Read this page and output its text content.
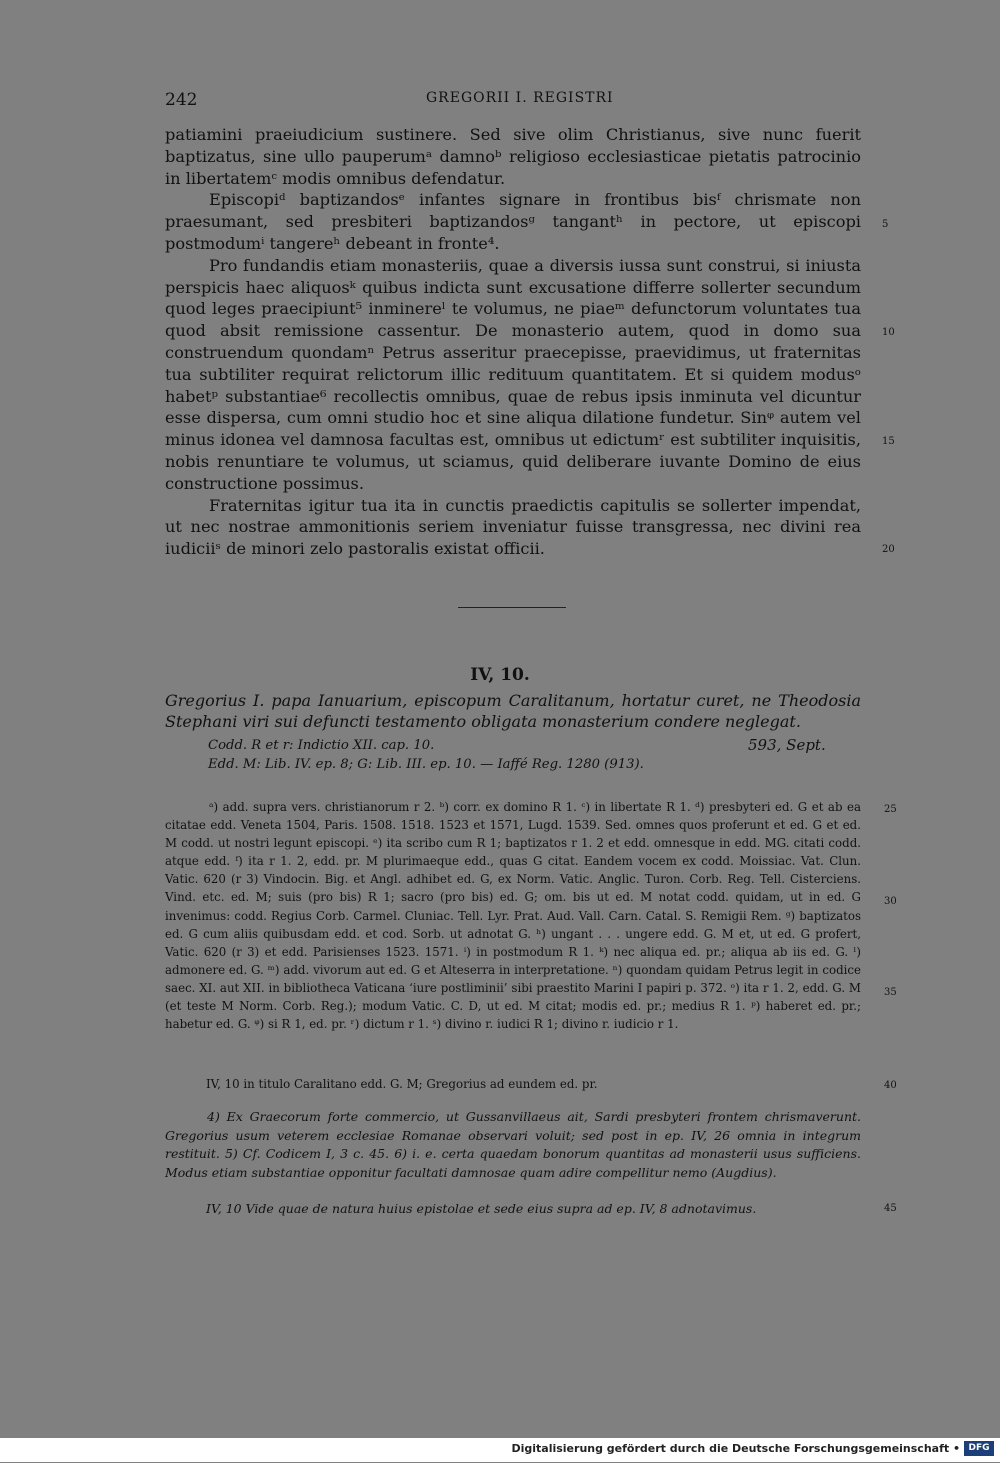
242	GREGORII I. REGISTRI

patiamini praeiudicium sustinere. Sed sive olim Christianus, sive nunc fuerit baptizatus, sine ullo pauperumᵃ damnoᵇ religioso ecclesiasticae pietatis patrocinio in libertatemᶜ modis omnibus defendatur.

Episcopiᵈ baptizandosᵉ infantes signare in frontibus bisᶠ chrismate non praesumant, sed presbiteri baptizandosᵍ tangantʰ in pectore, ut episcopi postmodumⁱ tangereʰ debeant in fronte⁴.

Pro fundandis etiam monasteriis, quae a diversis iussa sunt construi, si iniusta perspicis haec aliquosᵏ quibus indicta sunt excusatione differre sollerter secundum quod leges praecipiunt⁵ inminereˡ te volumus, ne piaeᵐ defunctorum voluntates tua quod absit remissione cassentur. De monasterio autem, quod in domo sua construendum quondamⁿ Petrus asseritur praecepisse, praevidimus, ut fraternitas tua subtiliter requirat relictorum illic redituum quantitatem. Et si quidem modusᵒ habetᵖ substantiae⁶ recollectis omnibus, quae de rebus ipsis inminuta vel dicuntur esse dispersa, cum omni studio hoc et sine aliqua dilatione fundetur. Sinᵠ autem vel minus idonea vel damnosa facultas est, omnibus ut edictumʳ est subtiliter inquisitis, nobis renuntiare te volumus, ut sciamus, quid deliberare iuvante Domino de eius constructione possimus.

Fraternitas igitur tua ita in cunctis praedictis capitulis se sollerter impendat, ut nec nostrae ammonitionis seriem inveniatur fuisse transgressa, nec divini rea iudiciiˢ de minori zelo pastoralis existat officii.

5
10
15
20
IV, 10.
Gregorius I. papa Ianuarium, episcopum Caralitanum, hortatur curet, ne Theodosia Stephani viri sui defuncti testamento obligata monasterium condere neglegat.
Codd. R et r: Indictio XII. cap. 10.	593, Sept.
Edd. M: Lib. IV. ep. 8; G: Lib. III. ep. 10. — Iaffé Reg. 1280 (913).

ᵃ) add. supra vers. christianorum r 2. ᵇ) corr. ex domino R 1. ᶜ) in libertate R 1. ᵈ) presbyteri ed. G et ab ea citatae edd. Veneta 1504, Paris. 1508. 1518. 1523 et 1571, Lugd. 1539. Sed. omnes quos proferunt et ed. G et ed. M codd. ut nostri legunt episcopi. ᵉ) ita scribo cum R 1; baptizatos r 1. 2 et edd. omnesque in edd. MG. citati codd. atque edd. ᶠ) ita r 1. 2, edd. pr. M plurimaeque edd., quas G citat. Eandem vocem ex codd. Moissiac. Vat. Clun. Vatic. 620 (r 3) Vindocin. Big. et Angl. adhibet ed. G, ex Norm. Vatic. Anglic. Turon. Corb. Reg. Tell. Cisterciens. Vind. etc. ed. M; suis (pro bis) R 1; sacro (pro bis) ed. G; om. bis ut ed. M notat codd. quidam, ut in ed. G invenimus: codd. Regius Corb. Carmel. Cluniac. Tell. Lyr. Prat. Aud. Vall. Carn. Catal. S. Remigii Rem. ᵍ) baptizatos ed. G cum aliis quibusdam edd. et cod. Sorb. ut adnotat G. ʰ) ungant . . . ungere edd. G. M et, ut ed. G profert, Vatic. 620 (r 3) et edd. Parisienses 1523. 1571. ⁱ) in postmodum R 1. ᵏ) nec aliqua ed. pr.; aliqua ab iis ed. G. ˡ) admonere ed. G. ᵐ) add. vivorum aut ed. G et Alteserra in interpretatione. ⁿ) quondam quidam Petrus legit in codice saec. XI. aut XII. in bibliotheca Vaticana ‘iure postliminii’ sibi praestito Marini I papiri p. 372. ᵒ) ita r 1. 2, edd. G. M (et teste M Norm. Corb. Reg.); modum Vatic. C. D, ut ed. M citat; modis ed. pr.; medius R 1. ᵖ) haberet ed. pr.; habetur ed. G. ᵠ) si R 1, ed. pr. ʳ) dictum r 1. ˢ) divino r. iudici R 1; divino r. iudicio r 1.

IV, 10 in titulo Caralitano edd. G. M; Gregorius ad eundem ed. pr.
25
30
35
40
45

4) Ex Graecorum forte commercio, ut Gussanvillaeus ait, Sardi presbyteri frontem chrismaverunt. Gregorius usum veterem ecclesiae Romanae observari voluit; sed post in ep. IV, 26 omnia in integrum restituit. 5) Cf. Codicem I, 3 c. 45. 6) i. e. certa quaedam bonorum quantitas ad monasterii usus sufficiens. Modus etiam substantiae opponitur facultati damnosae quam adire compellitur nemo (Augdius).

IV, 10 Vide quae de natura huius epistolae et sede eius supra ad ep. IV, 8 adnotavimus.
Digitalisierung gefördert durch die Deutsche Forschungsgemeinschaft • DFG
